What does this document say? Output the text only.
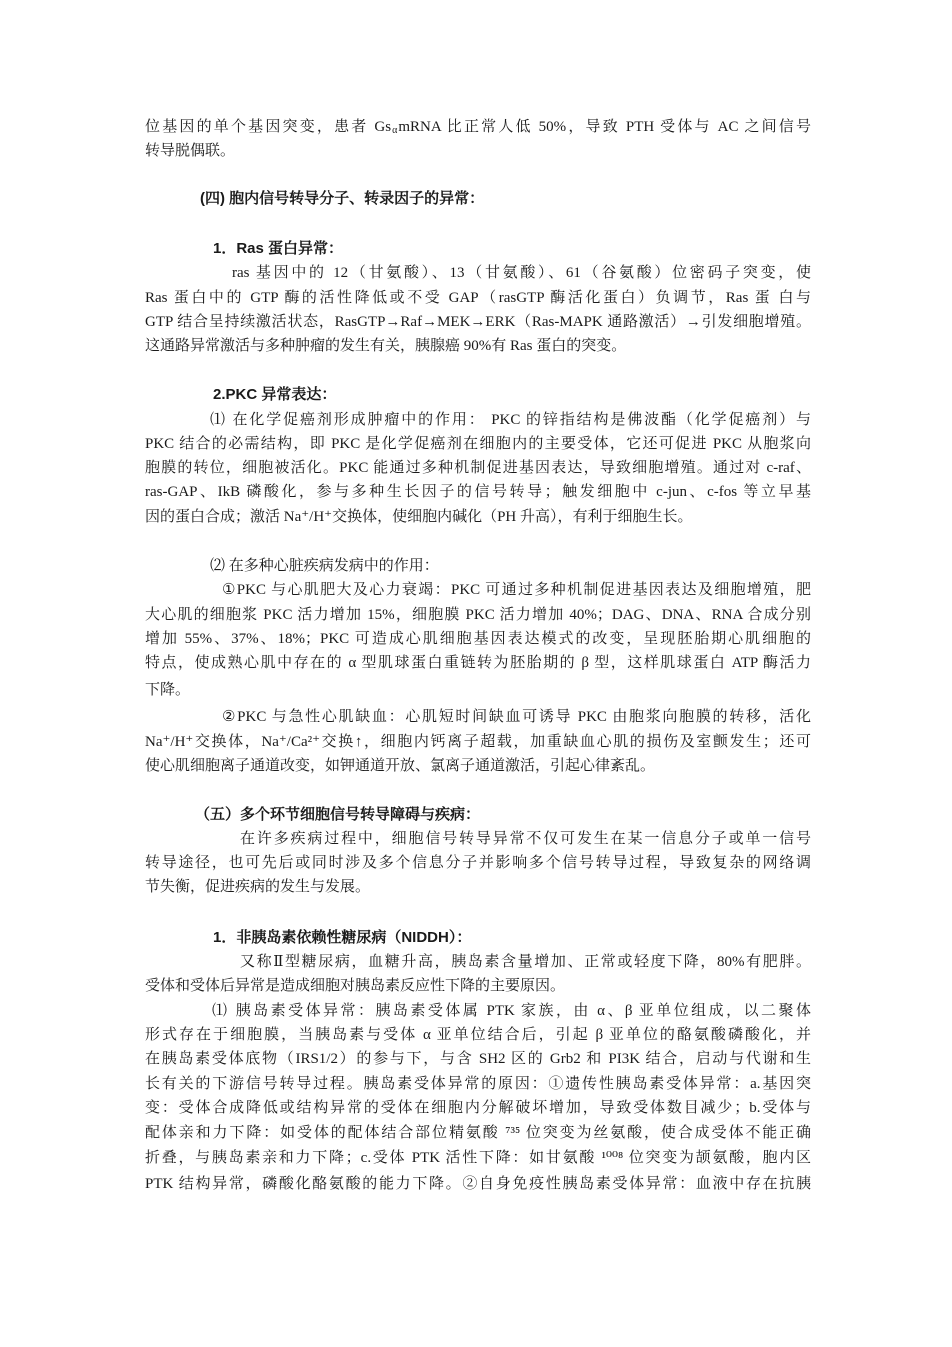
位基因的单个基因突变，患者 $Gs_\alpha mRNA$ 比正常人低 50%，导致 PTH 受体与 AC 之间信号
转导脱偶联。
(四) 胞内信号转导分子、转录因子的异常：
1．Ras 蛋白异常：
ras 基因中的 12（甘氨酸）、13（甘氨酸）、61（谷氨酸）位密码子突变，使
Ras 蛋白中的 GTP 酶的活性降低或不受 GAP（rasGTP 酶活化蛋白）负调节，Ras 蛋 白与
GTP 结合呈持续激活状态，RasGTP→Raf→MEK→ERK（Ras-MAPK 通路激活）→引发细胞增殖。
这通路异常激活与多种肿瘤的发生有关，胰腺癌 90%有 Ras 蛋白的突变。
2.PKC 异常表达：
⑴ 在化学促癌剂形成肿瘤中的作用： PKC 的锌指结构是佛波酯（化学促癌剂）与
PKC 结合的必需结构，即 PKC 是化学促癌剂在细胞内的主要受体，它还可促进 PKC 从胞浆向
胞膜的转位，细胞被活化。PKC 能通过多种机制促进基因表达，导致细胞增殖。通过对 c-raf、
ras-GAP、IkB 磷酸化，参与多种生长因子的信号转导；触发细胞中 c-jun、c-fos 等立早基
因的蛋白合成；激活 Na⁺/H⁺交换体，使细胞内碱化（PH 升高），有利于细胞生长。
⑵ 在多种心脏疾病发病中的作用：
①PKC 与心肌肥大及心力衰竭：PKC 可通过多种机制促进基因表达及细胞增殖，肥
大心肌的细胞浆 PKC 活力增加 15%，细胞膜 PKC 活力增加 40%；DAG、DNA、RNA 合成分别
增加 55%、37%、18%；PKC 可造成心肌细胞基因表达模式的改变，呈现胚胎期心肌细胞的
特点，使成熟心肌中存在的 α 型肌球蛋白重链转为胚胎期的 β 型，这样肌球蛋白 ATP 酶活力
下降。
②PKC 与急性心肌缺血：心肌短时间缺血可诱导 PKC 由胞浆向胞膜的转移，活化
Na⁺/H⁺交换体，Na⁺/Ca²⁺交换↑，细胞内钙离子超载，加重缺血心肌的损伤及室颤发生；还可
使心肌细胞离子通道改变，如钾通道开放、氯离子通道激活，引起心律紊乱。
（五）多个环节细胞信号转导障碍与疾病：
在许多疾病过程中，细胞信号转导异常不仅可发生在某一信息分子或单一信号
转导途径，也可先后或同时涉及多个信息分子并影响多个信号转导过程，导致复杂的网络调
节失衡，促进疾病的发生与发展。
1．非胰岛素依赖性糖尿病（NIDDH）：
又称Ⅱ型糖尿病，血糖升高，胰岛素含量增加、正常或轻度下降，80%有肥胖。
受体和受体后异常是造成细胞对胰岛素反应性下降的主要原因。
⑴ 胰岛素受体异常：胰岛素受体属 PTK 家族，由 α、β 亚单位组成，以二聚体
形式存在于细胞膜，当胰岛素与受体 α 亚单位结合后，引起 β 亚单位的酪氨酸磷酸化，并
在胰岛素受体底物（IRS1/2）的参与下，与含 SH2 区的 Grb2 和 PI3K 结合，启动与代谢和生
长有关的下游信号转导过程。胰岛素受体异常的原因：①遗传性胰岛素受体异常：a.基因突
变：受体合成降低或结构异常的受体在细胞内分解破坏增加，导致受体数目减少；b.受体与
配体亲和力下降：如受体的配体结合部位精氨酸 ⁷³⁵ 位突变为丝氨酸，使合成受体不能正确
折叠，与胰岛素亲和力下降；c.受体 PTK 活性下降：如甘氨酸 ¹⁰⁰⁸ 位突变为颉氨酸，胞内区
PTK 结构异常，磷酸化酪氨酸的能力下降。②自身免疫性胰岛素受体异常：血液中存在抗胰
